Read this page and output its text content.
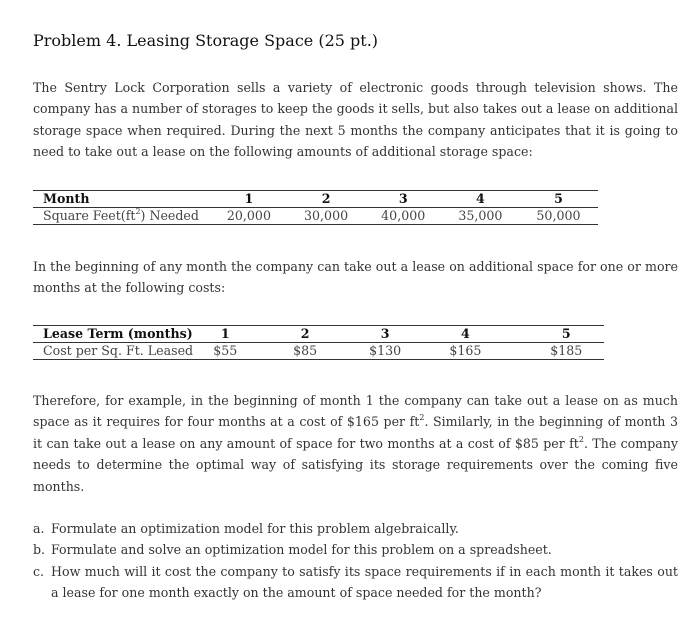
Problem 4. Leasing Storage Space (25 pt.)

The Sentry Lock Corporation sells a variety of electronic goods through television shows. The company has a number of storages to keep the goods it sells, but also takes out a lease on additional storage space when required. During the next 5 months the company anticipates that it is going to need to take out a lease on the following amounts of additional storage space:

Month	1	2	3	4	5
Square $Feet(ft^2)$ Needed	20,000	30,000	40,000	35,000	50,000

In the beginning of any month the company can take out a lease on additional space for one or more months at the following costs:

Lease Term (months)	1	2	3	4	5
Cost per Sq. Ft. Leased	$55	$85	$130	$165	$185

Therefore, for example, in the beginning of month 1 the company can take out a lease on as much space as it requires for four months at a cost of $165 per $ft^2$. Similarly, in the beginning of month 3 it can take out a lease on any amount of space for two months at a cost of $85 per $ft^2$. The company needs to determine the optimal way of satisfying its storage requirements over the coming five months.

a. Formulate an optimization model for this problem algebraically.
b. Formulate and solve an optimization model for this problem on a spreadsheet.
c. How much will it cost the company to satisfy its space requirements if in each month it takes out a lease for one month exactly on the amount of space needed for the month?
